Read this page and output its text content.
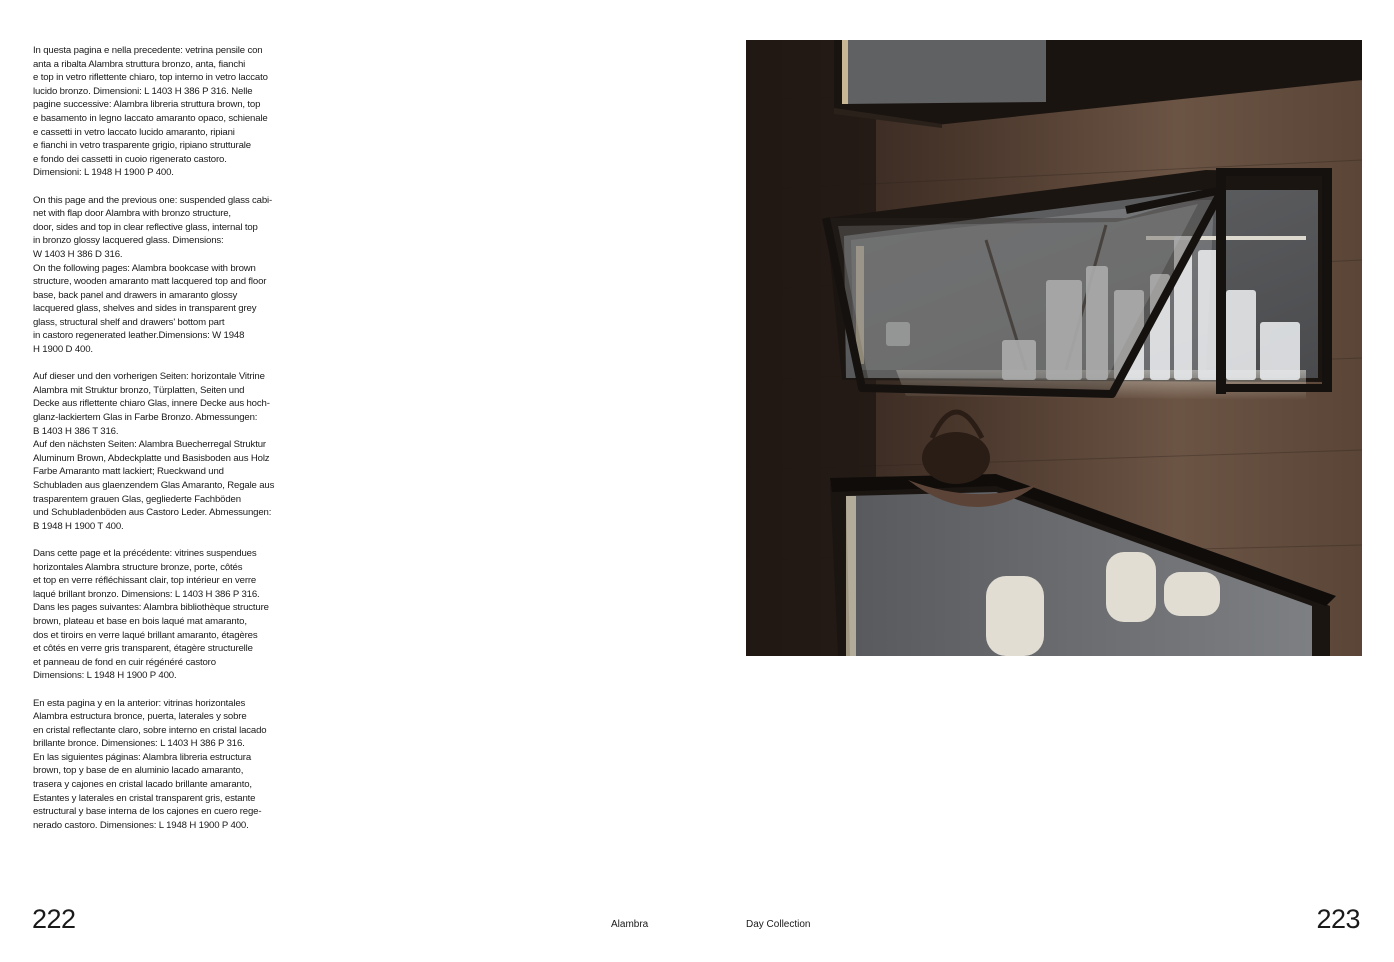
In questa pagina e nella precedente: vetrina pensile con
anta a ribalta Alambra struttura bronzo, anta, fianchi
e top in vetro riflettente chiaro, top interno in vetro laccato
lucido bronzo. Dimensioni: L 1403 H 386 P 316. Nelle
pagine successive: Alambra libreria struttura brown, top
e basamento in legno laccato amaranto opaco, schienale
e cassetti in vetro laccato lucido amaranto, ripiani
e fianchi in vetro trasparente grigio, ripiano strutturale
e fondo dei cassetti in cuoio rigenerato castoro.
Dimensioni: L 1948 H 1900 P 400.

On this page and the previous one: suspended glass cabi-
net with flap door Alambra with bronzo structure,
door, sides and top in clear reflective glass, internal top
in bronzo glossy lacquered glass. Dimensions:
W 1403 H 386 D 316.

On the following pages: Alambra bookcase with brown
structure, wooden amaranto matt lacquered top and floor
base, back panel and drawers in amaranto glossy
lacquered glass, shelves and sides in transparent grey
glass, structural shelf and drawers' bottom part
in castoro regenerated leather.Dimensions: W 1948
H 1900 D 400.

Auf dieser und den vorherigen Seiten: horizontale Vitrine
Alambra mit Struktur bronzo, Türplatten, Seiten und
Decke aus riflettente chiaro Glas, innere Decke aus hoch-
glanz-lackiertem Glas in Farbe Bronzo. Abmessungen:
B 1403 H 386 T 316.

Auf den nächsten Seiten: Alambra Buecherregal Struktur
Aluminum Brown, Abdeckplatte und Basisboden aus Holz
Farbe Amaranto matt lackiert; Rueckwand und
Schubladen aus glaenzendem Glas Amaranto, Regale aus
trasparentem grauen Glas, gegliederte Fachböden
und Schubladenböden aus Castoro Leder. Abmessungen:
B 1948 H 1900 T 400.

Dans cette page et la précédente: vitrines suspendues
horizontales Alambra structure bronze, porte, côtés
et top en verre réfléchissant clair, top intérieur en verre
laqué brillant bronzo. Dimensions: L 1403 H 386 P 316.

Dans les pages suivantes: Alambra bibliothèque structure
brown, plateau et base en bois laqué mat amaranto,
dos et tiroirs en verre laqué brillant amaranto, étagères
et côtés en verre gris transparent, étagère structurelle
et panneau de fond en cuir régénéré castoro
Dimensions: L 1948 H 1900 P 400.

En esta pagina y en la anterior: vitrinas horizontales
Alambra estructura bronce, puerta, laterales y sobre
en cristal reflectante claro, sobre interno en cristal lacado
brillante bronce. Dimensiones: L 1403 H 386 P 316.

En las siguientes páginas: Alambra libreria estructura
brown, top y base de en aluminio lacado amaranto,
trasera y cajones en cristal lacado brillante amaranto,
Estantes y laterales en cristal transparent gris, estante
estructural y base interna de los cajones en cuero rege-
nerado castoro. Dimensiones: L 1948 H 1900 P 400.

222	Alambra	Day Collection	223
